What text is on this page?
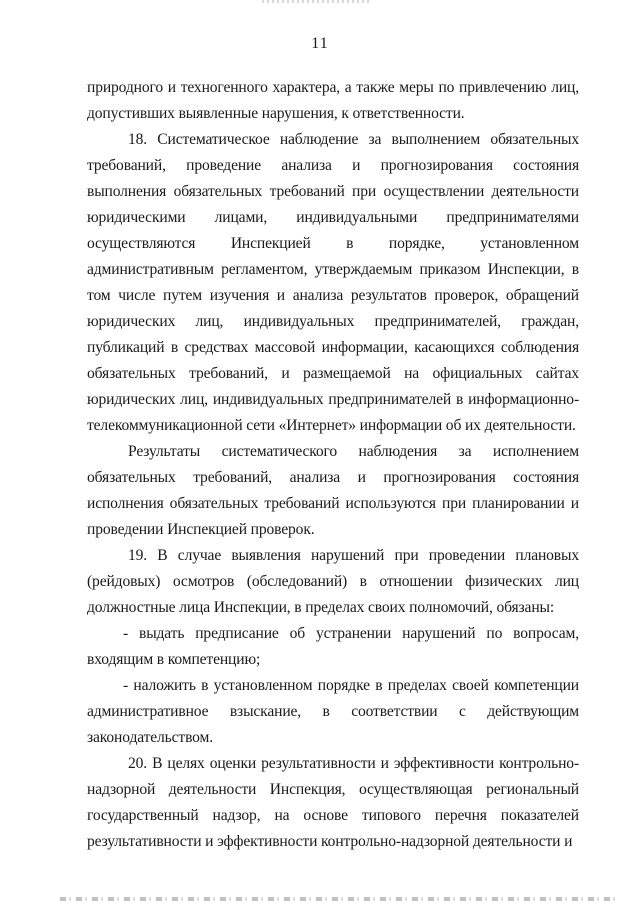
11

природного и техногенного характера, а также меры по привлечению лиц, допустивших выявленные нарушения, к ответственности.

18. Систематическое наблюдение за выполнением обязательных требований, проведение анализа и прогнозирования состояния выполнения обязательных требований при осуществлении деятельности юридическими лицами, индивидуальными предпринимателями осуществляются Инспекцией в порядке, установленном административным регламентом, утверждаемым приказом Инспекции, в том числе путем изучения и анализа результатов проверок, обращений юридических лиц, индивидуальных предпринимателей, граждан, публикаций в средствах массовой информации, касающихся соблюдения обязательных требований, и размещаемой на официальных сайтах юридических лиц, индивидуальных предпринимателей в информационно-телекоммуникационной сети «Интернет» информации об их деятельности.

Результаты систематического наблюдения за исполнением обязательных требований, анализа и прогнозирования состояния исполнения обязательных требований используются при планировании и проведении Инспекцией проверок.

19. В случае выявления нарушений при проведении плановых (рейдовых) осмотров (обследований) в отношении физических лиц должностные лица Инспекции, в пределах своих полномочий, обязаны:

- выдать предписание об устранении нарушений по вопросам, входящим в компетенцию;

- наложить в установленном порядке в пределах своей компетенции административное взыскание, в соответствии с действующим законодательством.

20. В целях оценки результативности и эффективности контрольно-надзорной деятельности Инспекция, осуществляющая региональный государственный надзор, на основе типового перечня показателей результативности и эффективности контрольно-надзорной деятельности и
